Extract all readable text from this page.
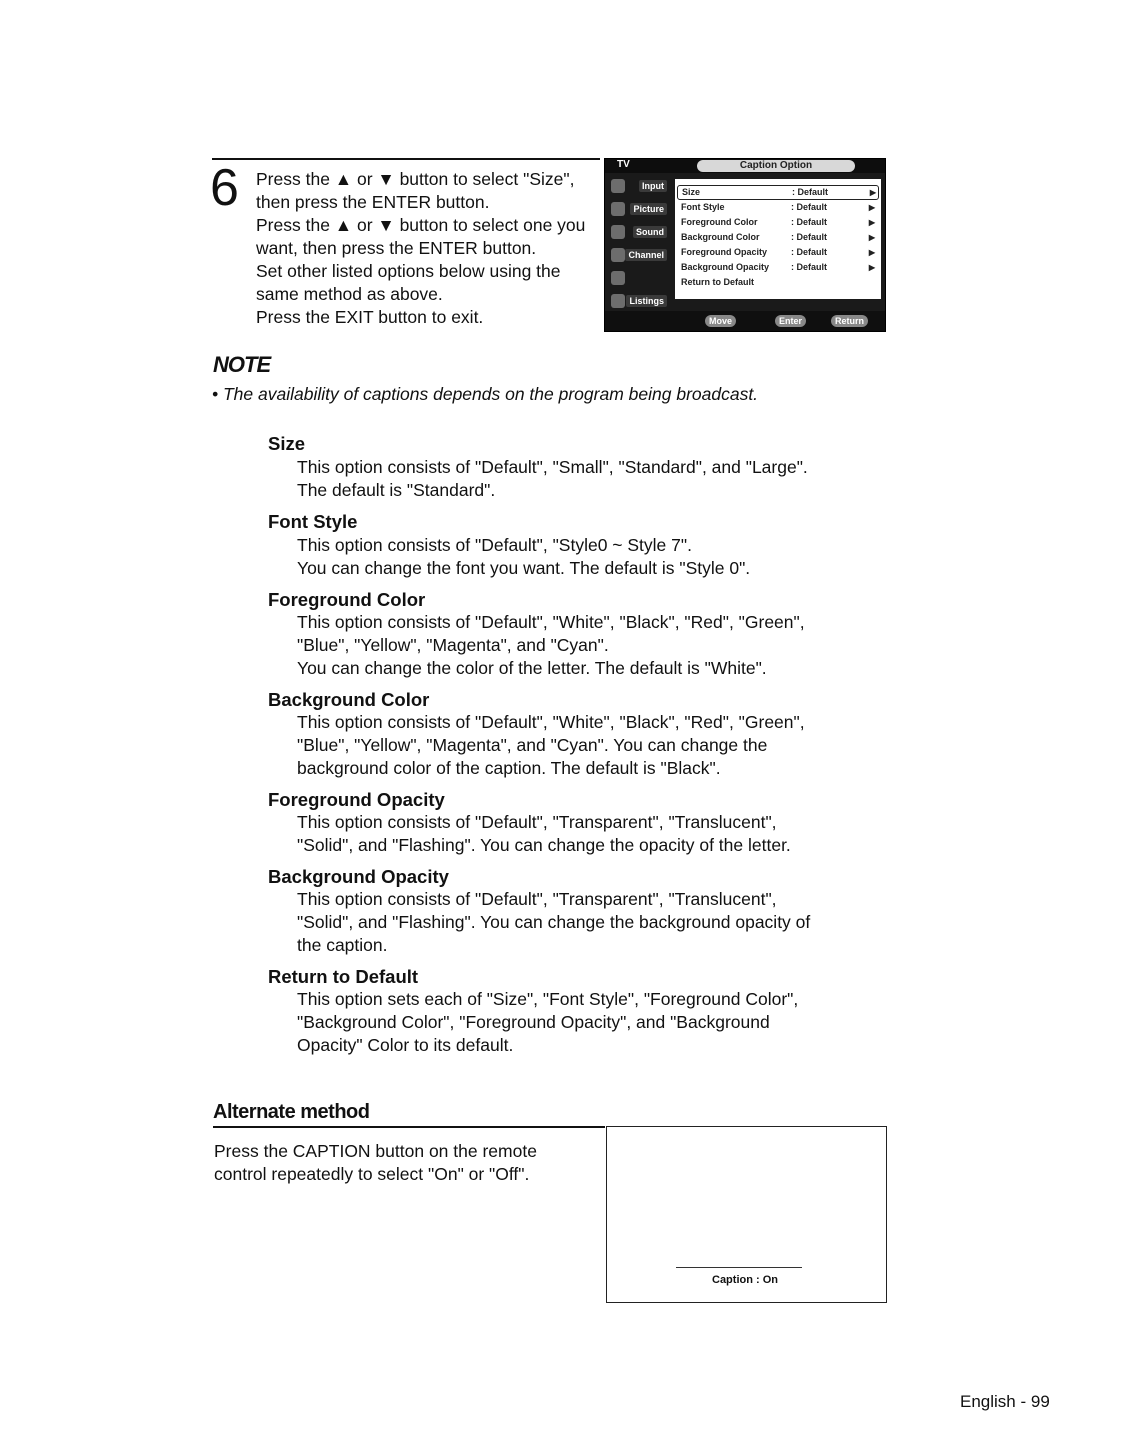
6 Press the ▲ or ▼ button to select "Size",
then press the ENTER button.
Press the ▲ or ▼ button to select one you
want, then press the ENTER button.
Set other listed options below using the
same method as above.
Press the EXIT button to exit.
TV	Caption Option
Input
Picture
Sound
Channel
Listings
Size	: Default	▶
Font Style	: Default	▶
Foreground Color	: Default	▶
Background Color	: Default	▶
Foreground Opacity	: Default	▶
Background Opacity : Default	▶
Return to Default
Move	Enter	Return
NOTE
• The availability of captions depends on the program being broadcast.
Size
This option consists of "Default", "Small", "Standard", and "Large".
The default is "Standard".
Font Style
This option consists of "Default", "Style0 ~ Style 7".
You can change the font you want. The default is "Style 0".
Foreground Color
This option consists of "Default", "White", "Black", "Red", "Green",
"Blue", "Yellow", "Magenta", and "Cyan".
You can change the color of the letter. The default is "White".
Background Color
This option consists of "Default", "White", "Black", "Red", "Green",
"Blue", "Yellow", "Magenta", and "Cyan". You can change the
background color of the caption. The default is "Black".
Foreground Opacity
This option consists of "Default", "Transparent", "Translucent",
"Solid", and "Flashing". You can change the opacity of the letter.
Background Opacity
This option consists of "Default", "Transparent", "Translucent",
"Solid", and "Flashing". You can change the background opacity of
the caption.
Return to Default
This option sets each of "Size", "Font Style", "Foreground Color",
"Background Color", "Foreground Opacity", and "Background
Opacity" Color to its default.
Alternate method
Press the CAPTION button on the remote
control repeatedly to select "On" or "Off".
Caption : On
English - 99
